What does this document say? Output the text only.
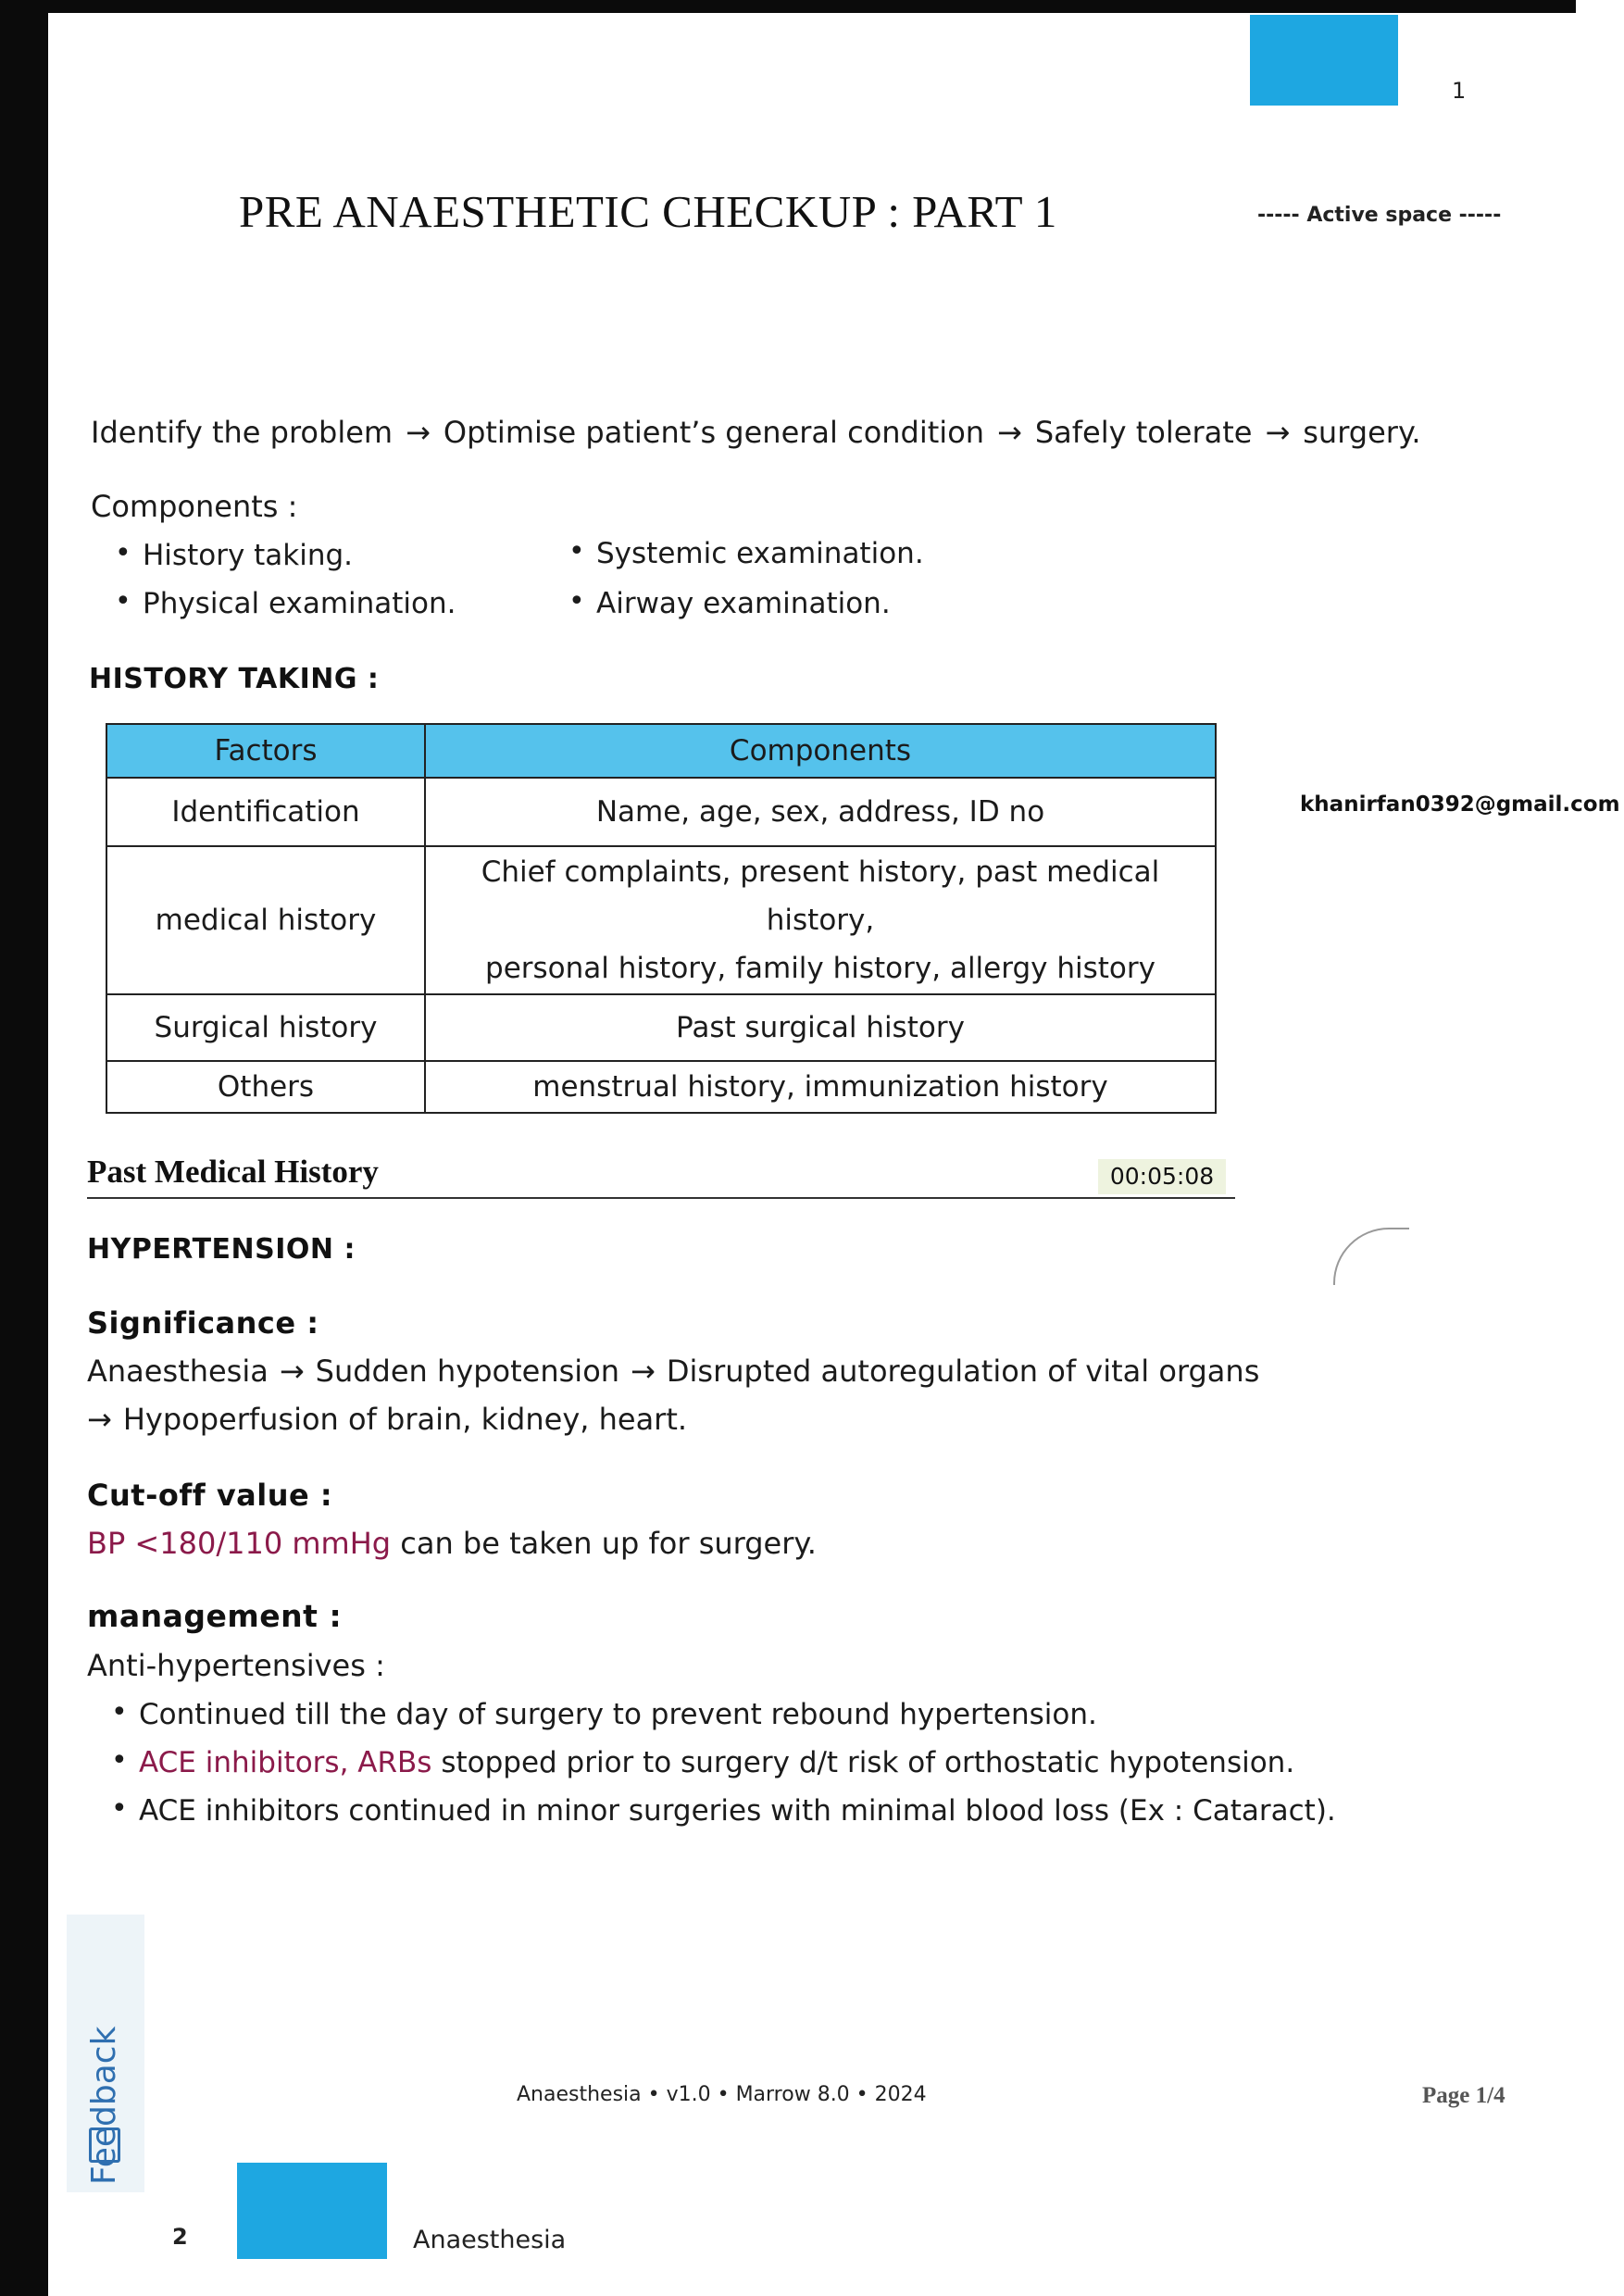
1
PRE ANAESTHETIC CHECKUP : PART 1	----- Active space -----
Identify the problem → Optimise patient’s general condition → Safely tolerate → surgery.
Components :
• History taking.	• Systemic examination.
• Physical examination.	• Airway examination.
HISTORY TAKING :
Factors	Components
Identification	Name, age, sex, address, ID no
medical history	Chief complaints, present history, past medical history,
personal history, family history, allergy history

Surgical history	Past surgical history
Others	menstrual history, immunization history
khanirfan0392@gmail.com
Past Medical History	00:05:08
HYPERTENSION :
Significance :
Anaesthesia → Sudden hypotension → Disrupted autoregulation of vital organs
→ Hypoperfusion of brain, kidney, heart.
Cut-off value :
BP <180/110 mmHg can be taken up for surgery.
management :
Anti-hypertensives :
• Continued till the day of surgery to prevent rebound hypertension.
• ACE inhibitors, ARBs stopped prior to surgery d/t risk of orthostatic hypotension.
• ACE inhibitors continued in minor surgeries with minimal blood loss (Ex : Cataract).
Feedback	Anaesthesia • v1.0 • Marrow 8.0 • 2024	Page 1/4
2	Anaesthesia
